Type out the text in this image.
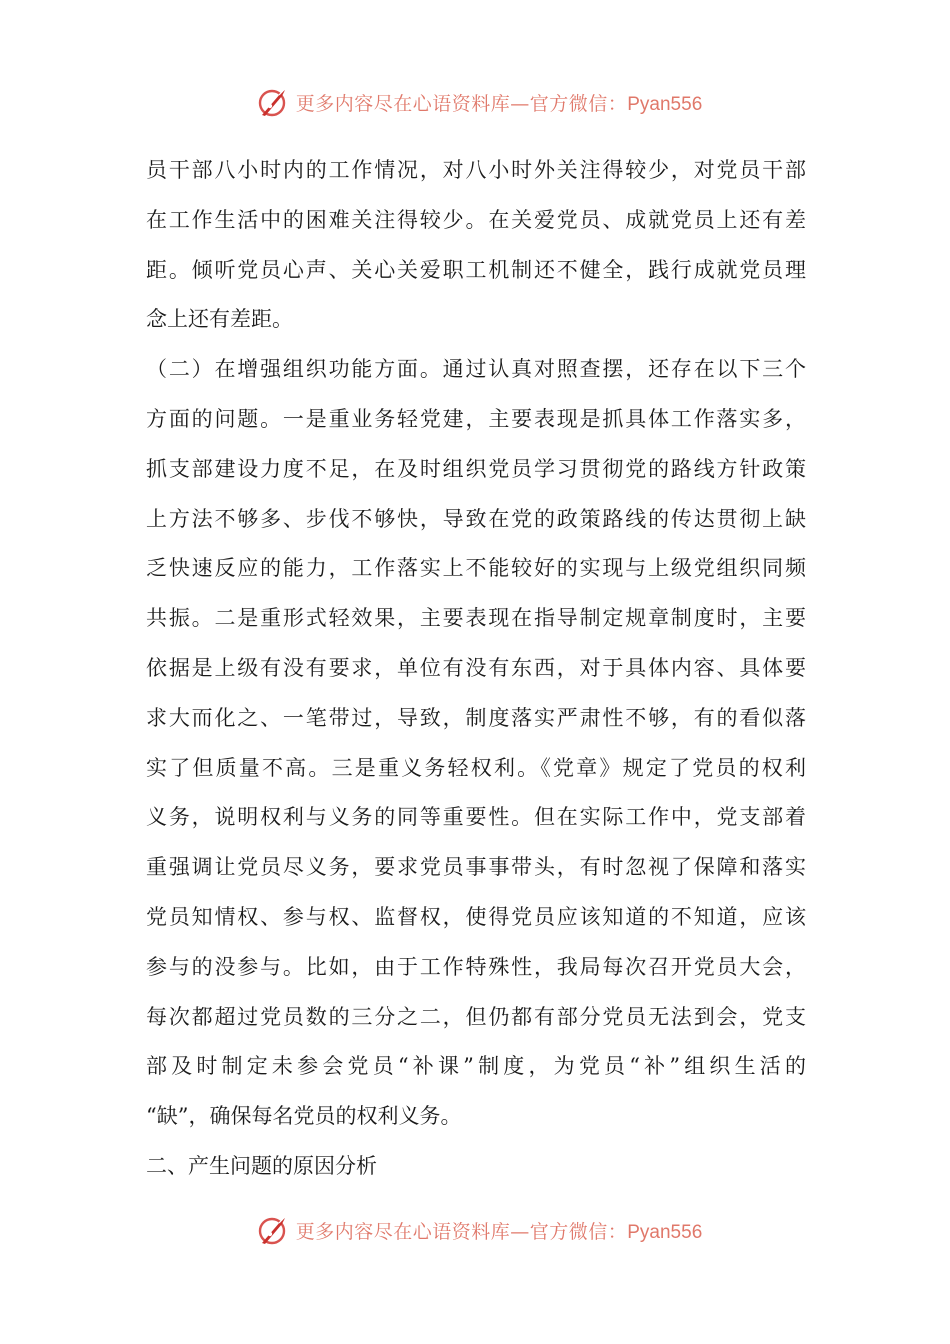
更多内容尽在心语资料库—官方微信：Pyan556
员干部八小时内的工作情况，对八小时外关注得较少，对党员干部
在工作生活中的困难关注得较少。在关爱党员、成就党员上还有差
距。倾听党员心声、关心关爱职工机制还不健全，践行成就党员理
念上还有差距。
（二）在增强组织功能方面。通过认真对照查摆，还存在以下三个
方面的问题。一是重业务轻党建，主要表现是抓具体工作落实多，
抓支部建设力度不足，在及时组织党员学习贯彻党的路线方针政策
上方法不够多、步伐不够快，导致在党的政策路线的传达贯彻上缺
乏快速反应的能力，工作落实上不能较好的实现与上级党组织同频
共振。二是重形式轻效果，主要表现在指导制定规章制度时，主要
依据是上级有没有要求，单位有没有东西，对于具体内容、具体要
求大而化之、一笔带过，导致，制度落实严肃性不够，有的看似落
实了但质量不高。三是重义务轻权利。《党章》规定了党员的权利
义务，说明权利与义务的同等重要性。但在实际工作中，党支部着
重强调让党员尽义务，要求党员事事带头，有时忽视了保障和落实
党员知情权、参与权、监督权，使得党员应该知道的不知道，应该
参与的没参与。比如，由于工作特殊性，我局每次召开党员大会，
每次都超过党员数的三分之二，但仍都有部分党员无法到会，党支
部及时制定未参会党员“补课”制度，为党员“补”组织生活的
“缺”，确保每名党员的权利义务。
二、产生问题的原因分析
更多内容尽在心语资料库—官方微信：Pyan556
